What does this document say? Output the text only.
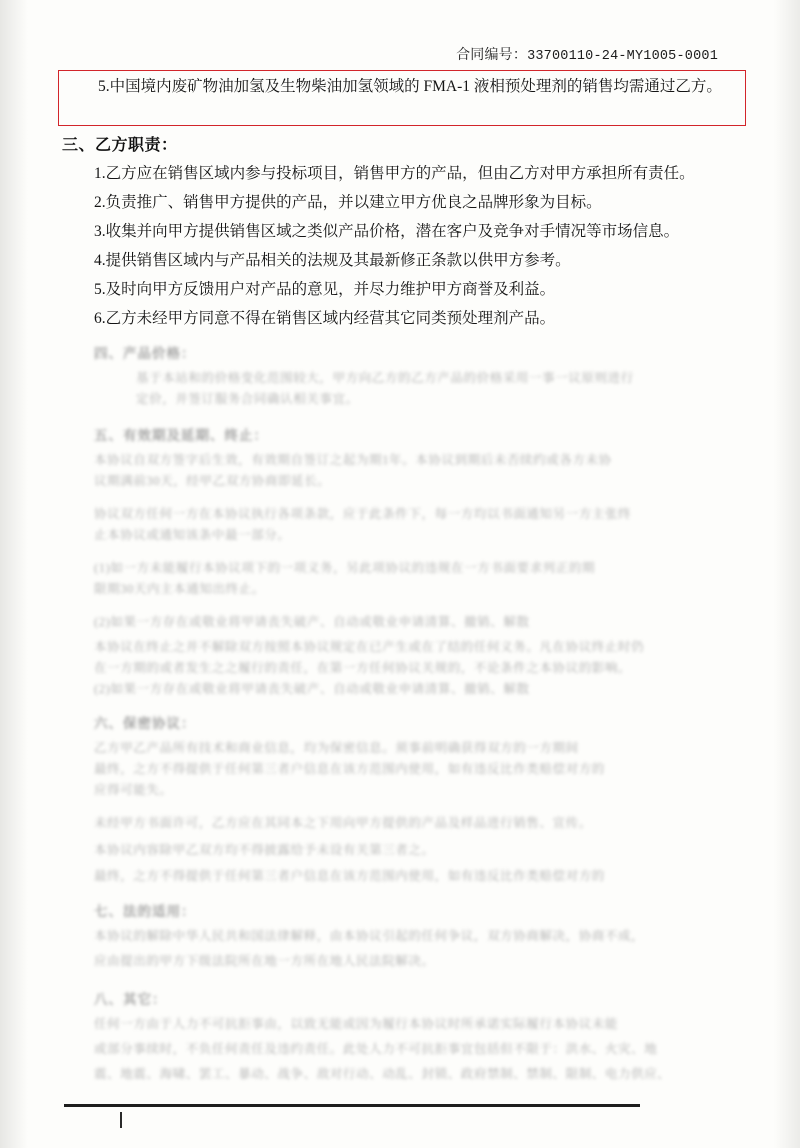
合同编号：33700110-24-MY1005-0001
5.中国境内废矿物油加氢及生物柴油加氢领域的 FMA-1 液相预处理剂的销售均需通过乙方。
三、乙方职责：
1.乙方应在销售区域内参与投标项目，销售甲方的产品，但由乙方对甲方承担所有责任。
2.负责推广、销售甲方提供的产品，并以建立甲方优良之品牌形象为目标。
3.收集并向甲方提供销售区域之类似产品价格，潜在客户及竞争对手情况等市场信息。
4.提供销售区域内与产品相关的法规及其最新修正条款以供甲方参考。
5.及时向甲方反馈用户对产品的意见，并尽力维护甲方商誉及利益。
6.乙方未经甲方同意不得在销售区域内经营其它同类预处理剂产品。
四、产品价格：
基于本站和的价格变化范围较大，甲方向乙方的乙方产品的价格采用一事一议原则进行
定价，并签订服务合同确认相关事宜。
五、有效期及延期、终止：
本协议自双方签字后生效，有效期自签订之起为期1年。本协议到期后未否续约或各方未协
议期满前30天，经甲乙双方协商即延长。
协议双方任何一方在本协议执行各项条款，应于此条件下，每一方均以书面通知另一方主张终
止本协议或通知该条中最一部分。
(1)如一方未能履行本协议项下的一项义务，另此项协议的违规在一方书面要求列正的期
限期30天内主本通知出终止。
(2)如果一方存在或敬业将甲请丧失破产、自动或敬业申请清算、撤销、解散
本协议在终止之并不解除双方按照本协议规定在已产生或在了结的任何义务。凡在协议终止时仍
在一方期的或者发生之之履行的责任，在第一方任何协议关规的，不论条件之本协议的影响。
(2)如果一方存在或敬业将甲请丧失破产、自动或敬业申请清算、撤销、解散
六、保密协议：
乙方甲乙产品所有技术和商业信息，均为保密信息。须事前明确获得双方的一方期间
最终，之方不得提供于任何第三者户信息在该方范围内使用，如有违反比作类赔偿对方的
应得可能失。
未经甲方书面许可，乙方应在其同本之下用向甲方提供的产品及样品进行销售、宣传。
本协议内容除甲乙双方均不得披露给予未设有关第三者之。
最终，之方不得提供于任何第三者户信息在该方范围内使用，如有违反比作类赔偿对方的
七、法的适用：
本协议的解除中华人民共和国法律解释，由本协议引起的任何争议，双方协商解决，协商不成，
应由提出的甲方下级法院所在地一方所在地人民法院解决。
八、其它：
任何一方由于人力不可抗拒事由，以致无能或因为履行本协议时所承诺实际履行本协议未能
或部分事续时，不负任何责任及违约责任。此处人力不可抗拒事宜包括但不限于：洪水、火灾、地
震、地震、海啸、罢工、暴动、战争、敌对行动、动乱、封锁、政府禁制、禁制、限制、电力供应、
